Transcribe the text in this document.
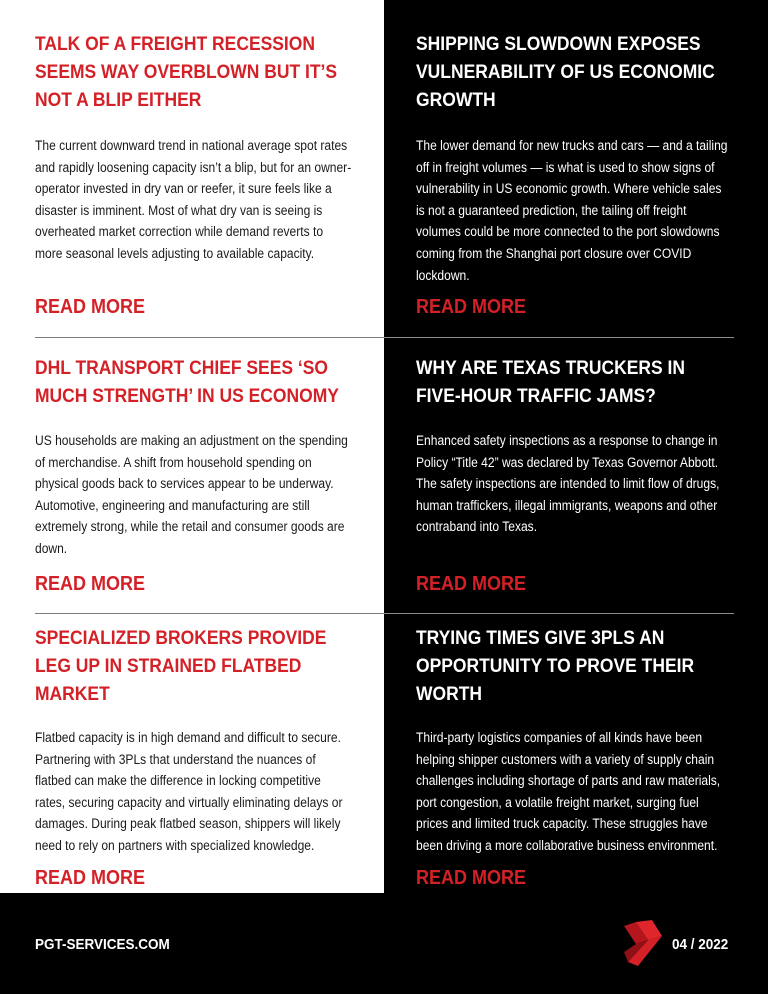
TALK OF A FREIGHT RECESSION SEEMS WAY OVERBLOWN BUT IT’S NOT A BLIP EITHER

The current downward trend in national average spot rates and rapidly loosening capacity isn’t a blip, but for an owner-operator invested in dry van or reefer, it sure feels like a disaster is imminent. Most of what dry van is seeing is overheated market correction while demand reverts to more seasonal levels adjusting to available capacity.

READ MORE
SHIPPING SLOWDOWN EXPOSES VULNERABILITY OF US ECONOMIC GROWTH

The lower demand for new trucks and cars — and a tailing off in freight volumes — is what is used to show signs of vulnerability in US economic growth. Where vehicle sales is not a guaranteed prediction, the tailing off freight volumes could be more connected to the port slowdowns coming from the Shanghai port closure over COVID lockdown.

READ MORE
DHL TRANSPORT CHIEF SEES ‘SO MUCH STRENGTH’ IN US ECONOMY

US households are making an adjustment on the spending of merchandise. A shift from household spending on physical goods back to services appear to be underway. Automotive, engineering and manufacturing are still extremely strong, while the retail and consumer goods are down.

READ MORE
WHY ARE TEXAS TRUCKERS IN FIVE-HOUR TRAFFIC JAMS?

Enhanced safety inspections as a response to change in Policy “Title 42” was declared by Texas Governor Abbott. The safety inspections are intended to limit flow of drugs, human traffickers, illegal immigrants, weapons and other contraband into Texas.

READ MORE
SPECIALIZED BROKERS PROVIDE LEG UP IN STRAINED FLATBED MARKET

Flatbed capacity is in high demand and difficult to secure. Partnering with 3PLs that understand the nuances of flatbed can make the difference in locking competitive rates, securing capacity and virtually eliminating delays or damages. During peak flatbed season, shippers will likely need to rely on partners with specialized knowledge.

READ MORE
TRYING TIMES GIVE 3PLS AN OPPORTUNITY TO PROVE THEIR WORTH

Third-party logistics companies of all kinds have been helping shipper customers with a variety of supply chain challenges including shortage of parts and raw materials, port congestion, a volatile freight market, surging fuel prices and limited truck capacity. These struggles have been driving a more collaborative business environment.

READ MORE
PGT-SERVICES.COM	04 / 2022
